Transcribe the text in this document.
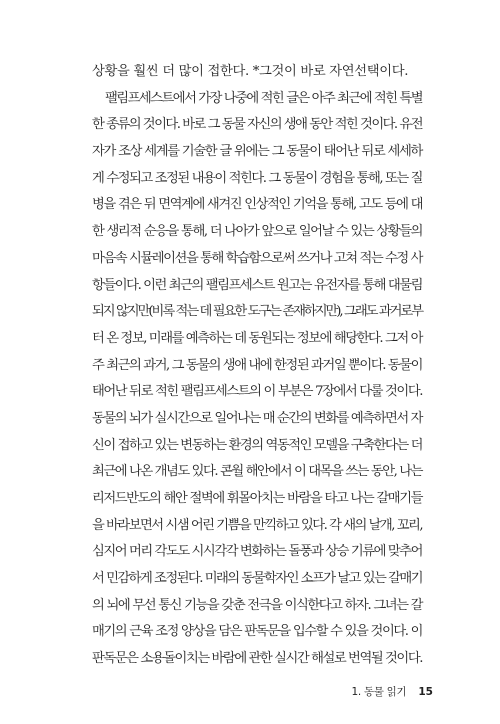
상황을 훨씬 더 많이 접한다. *그것이 바로 자연선택이다.
팰림프세스트에서 가장 나중에 적힌 글은 아주 최근에 적힌 특별
한 종류의 것이다. 바로 그 동물 자신의 생애 동안 적힌 것이다. 유전
자가 조상 세계를 기술한 글 위에는 그 동물이 태어난 뒤로 세세하
게 수정되고 조정된 내용이 적힌다. 그 동물이 경험을 통해, 또는 질
병을 겪은 뒤 면역계에 새겨진 인상적인 기억을 통해, 고도 등에 대
한 생리적 순응을 통해, 더 나아가 앞으로 일어날 수 있는 상황들의
마음속 시뮬레이션을 통해 학습함으로써 쓰거나 고쳐 적는 수정 사
항들이다. 이런 최근의 팰림프세스트 원고는 유전자를 통해 대물림
되지 않지만(비록 적는 데 필요한 도구는 존재하지만), 그래도 과거로부
터 온 정보, 미래를 예측하는 데 동원되는 정보에 해당한다. 그저 아
주 최근의 과거, 그 동물의 생애 내에 한정된 과거일 뿐이다. 동물이
태어난 뒤로 적힌 팰림프세스트의 이 부분은 7장에서 다룰 것이다.
동물의 뇌가 실시간으로 일어나는 매 순간의 변화를 예측하면서 자
신이 접하고 있는 변동하는 환경의 역동적인 모델을 구축한다는 더
최근에 나온 개념도 있다. 콘월 해안에서 이 대목을 쓰는 동안, 나는
리저드반도의 해안 절벽에 휘몰아치는 바람을 타고 나는 갈매기들
을 바라보면서 시샘 어린 기쁨을 만끽하고 있다. 각 새의 날개, 꼬리,
심지어 머리 각도도 시시각각 변화하는 돌풍과 상승 기류에 맞추어
서 민감하게 조정된다. 미래의 동물학자인 소프가 날고 있는 갈매기
의 뇌에 무선 통신 기능을 갖춘 전극을 이식한다고 하자. 그녀는 갈
매기의 근육 조정 양상을 담은 판독문을 입수할 수 있을 것이다. 이
판독문은 소용돌이치는 바람에 관한 실시간 해설로 번역될 것이다.
1. 동물 읽기 15
